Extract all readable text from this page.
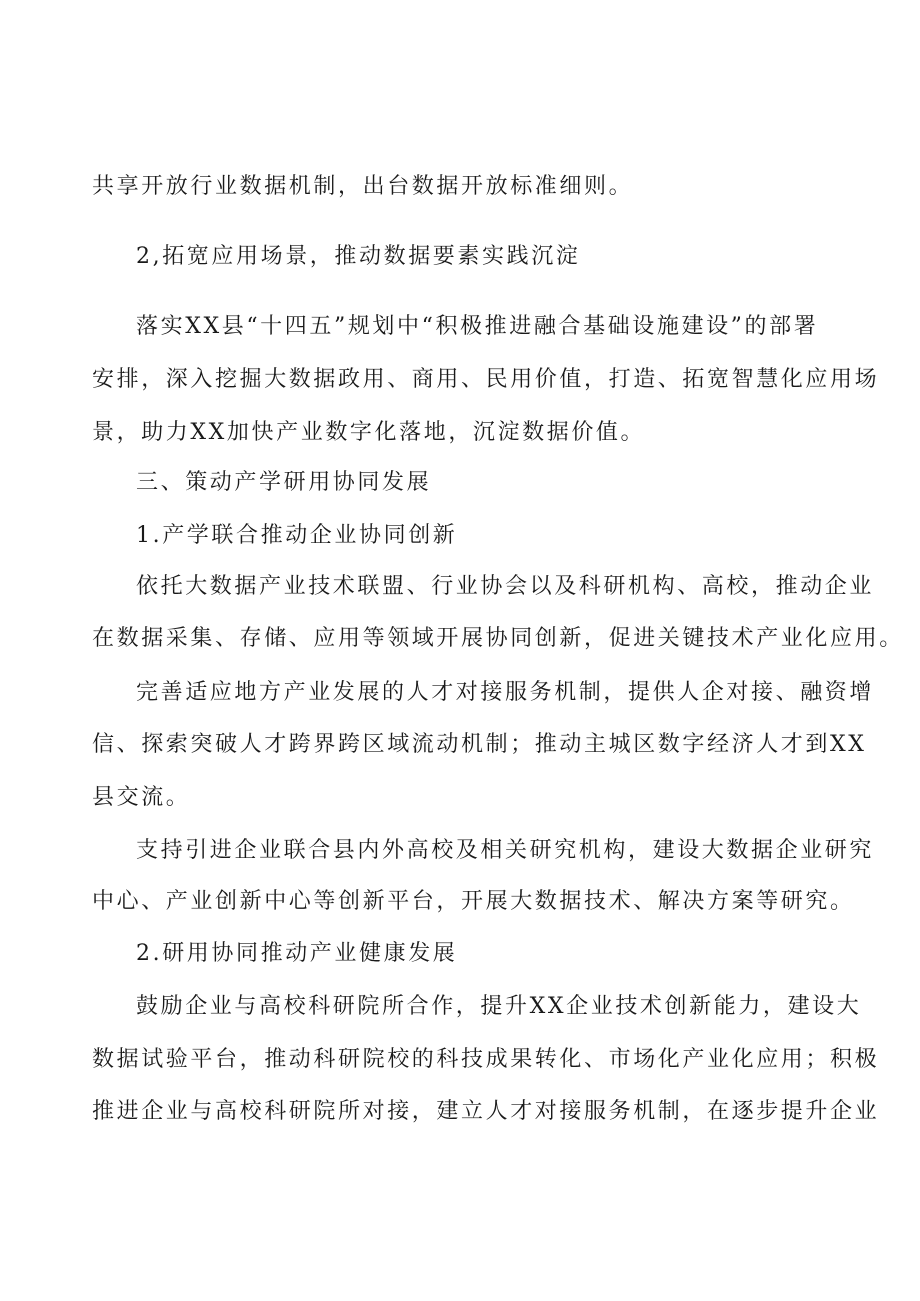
共享开放行业数据机制，出台数据开放标准细则。

2,拓宽应用场景，推动数据要素实践沉淀

落实XX县“十四五”规划中“积极推进融合基础设施建设”的部署

安排，深入挖掘大数据政用、商用、民用价值，打造、拓宽智慧化应用场

景，助力XX加快产业数字化落地，沉淀数据价值。

三、策动产学研用协同发展

1.产学联合推动企业协同创新

依托大数据产业技术联盟、行业协会以及科研机构、高校，推动企业

在数据采集、存储、应用等领域开展协同创新，促进关键技术产业化应用。

完善适应地方产业发展的人才对接服务机制，提供人企对接、融资增

信、探索突破人才跨界跨区域流动机制；推动主城区数字经济人才到XX

县交流。

支持引进企业联合县内外高校及相关研究机构，建设大数据企业研究

中心、产业创新中心等创新平台，开展大数据技术、解决方案等研究。

2.研用协同推动产业健康发展

鼓励企业与高校科研院所合作，提升XX企业技术创新能力，建设大

数据试验平台，推动科研院校的科技成果转化、市场化产业化应用；积极

推进企业与高校科研院所对接，建立人才对接服务机制，在逐步提升企业
